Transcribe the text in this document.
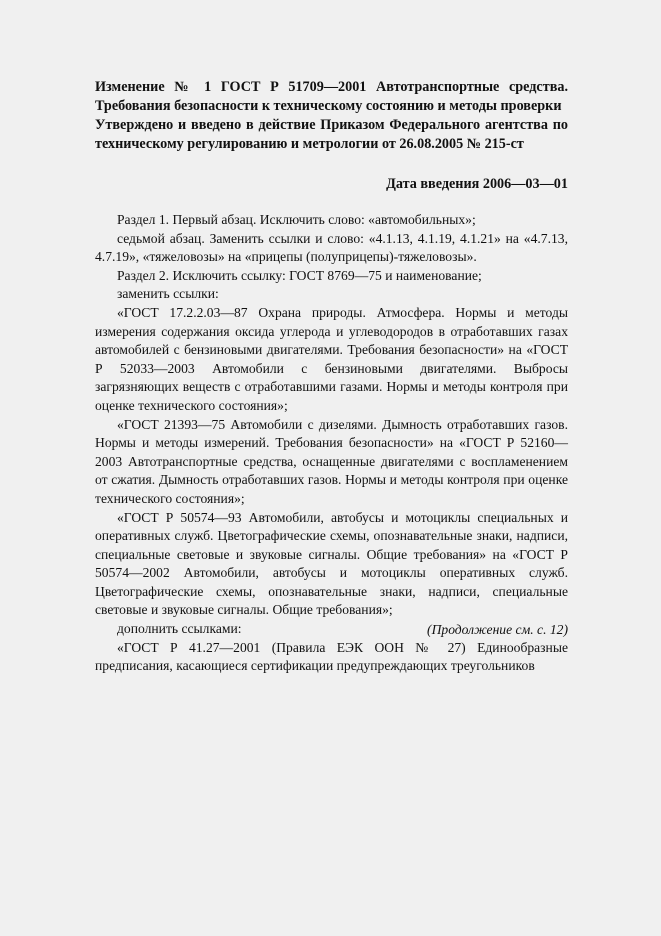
Изменение № 1 ГОСТ Р 51709—2001 Автотранспортные средства. Требования безопасности к техническому состоянию и методы проверки

Утверждено и введено в действие Приказом Федерального агентства по техническому регулированию и метрологии от 26.08.2005 № 215-ст

Дата введения 2006—03—01

Раздел 1. Первый абзац. Исключить слово: «автомобильных»;

седьмой абзац. Заменить ссылки и слово: «4.1.13, 4.1.19, 4.1.21» на «4.7.13, 4.7.19», «тяжеловозы» на «прицепы (полуприцепы)-тяжеловозы».

Раздел 2. Исключить ссылку: ГОСТ 8769—75 и наименование;

заменить ссылки:

«ГОСТ 17.2.2.03—87 Охрана природы. Атмосфера. Нормы и методы измерения содержания оксида углерода и углеводородов в отработавших газах автомобилей с бензиновыми двигателями. Требования безопасности» на «ГОСТ Р 52033—2003 Автомобили с бензиновыми двигателями. Выбросы загрязняющих веществ с отработавшими газами. Нормы и методы контроля при оценке технического состояния»;

«ГОСТ 21393—75 Автомобили с дизелями. Дымность отработавших газов. Нормы и методы измерений. Требования безопасности» на «ГОСТ Р 52160—2003 Автотранспортные средства, оснащенные двигателями с воспламенением от сжатия. Дымность отработавших газов. Нормы и методы контроля при оценке технического состояния»;

«ГОСТ Р 50574—93 Автомобили, автобусы и мотоциклы специальных и оперативных служб. Цветографические схемы, опознавательные знаки, надписи, специальные световые и звуковые сигналы. Общие требования» на «ГОСТ Р 50574—2002 Автомобили, автобусы и мотоциклы оперативных служб. Цветографические схемы, опознавательные знаки, надписи, специальные световые и звуковые сигналы. Общие требования»;

дополнить ссылками:

«ГОСТ Р 41.27—2001 (Правила ЕЭК ООН № 27) Единообразные предписания, касающиеся сертификации предупреждающих треугольников

(Продолжение см. с. 12)
